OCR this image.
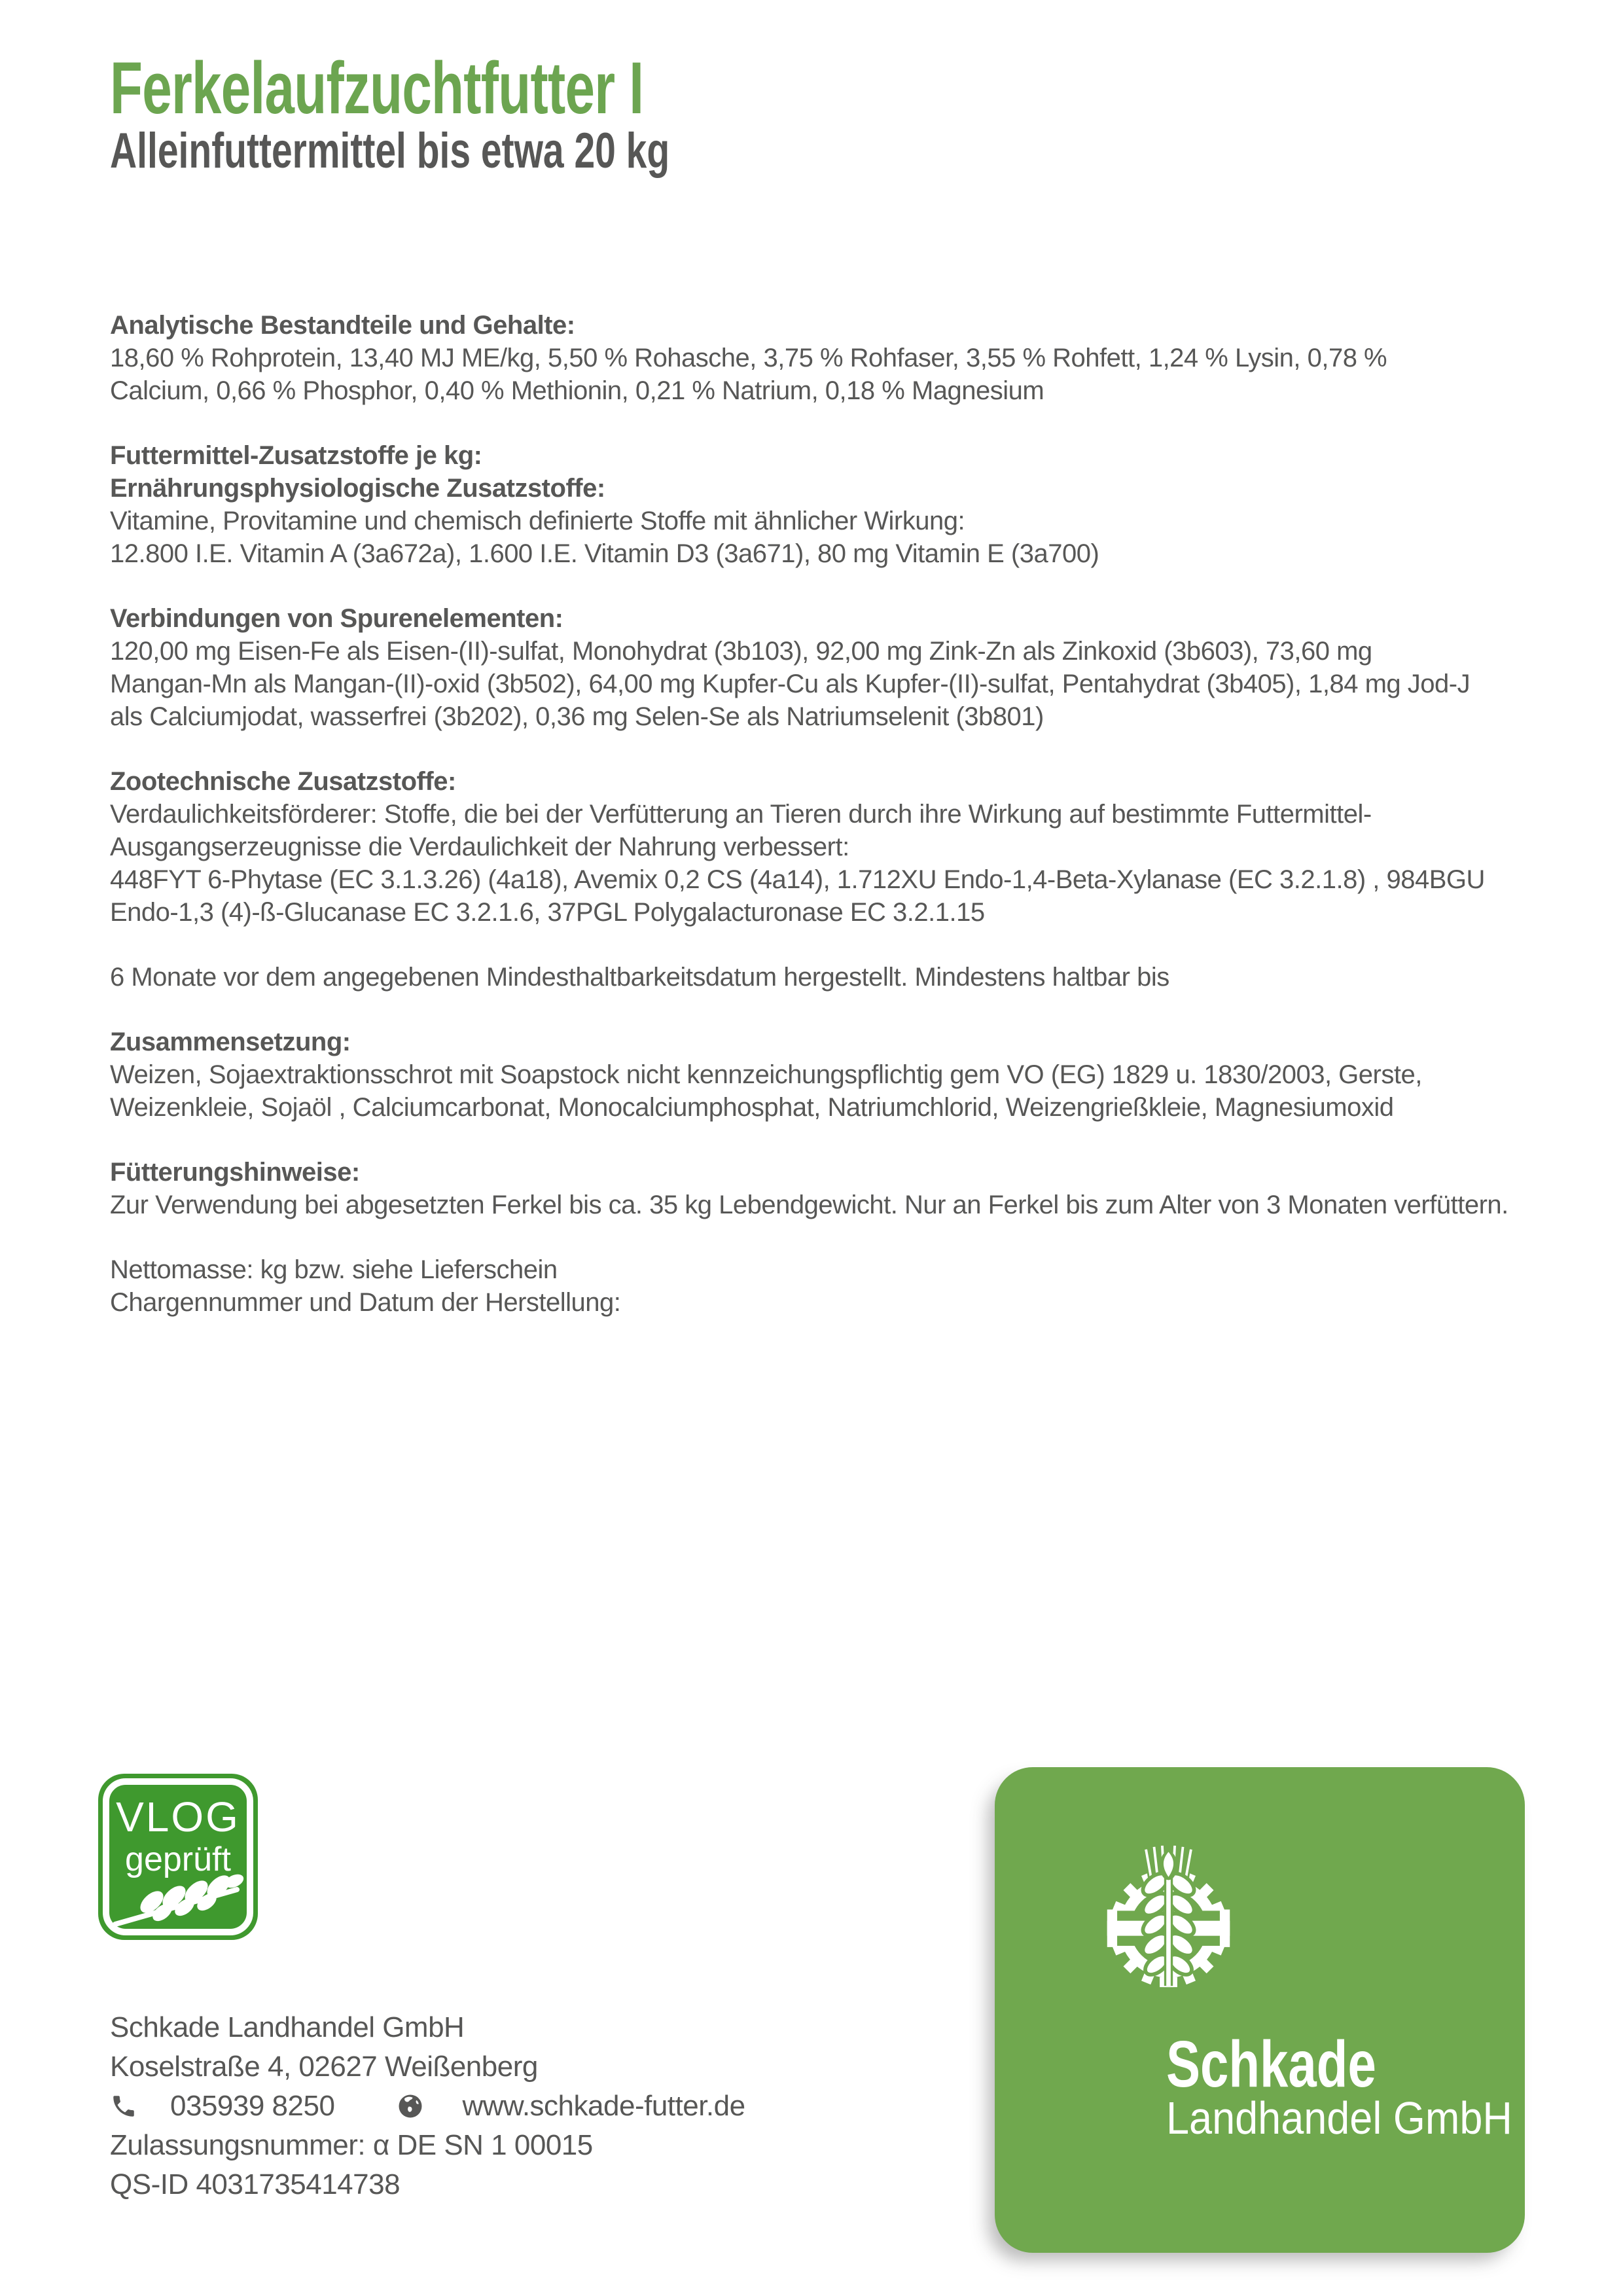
Ferkelaufzuchtfutter I
Alleinfuttermittel bis etwa 20 kg
Analytische Bestandteile und Gehalte:
18,60 % Rohprotein, 13,40 MJ ME/kg, 5,50 % Rohasche, 3,75 % Rohfaser, 3,55 % Rohfett, 1,24 % Lysin, 0,78 %
Calcium, 0,66 % Phosphor, 0,40 % Methionin, 0,21 % Natrium, 0,18 % Magnesium
Futtermittel-Zusatzstoffe je kg:
Ernährungsphysiologische Zusatzstoffe:
Vitamine, Provitamine und chemisch definierte Stoffe mit ähnlicher Wirkung:
12.800 I.E. Vitamin A (3a672a), 1.600 I.E. Vitamin D3 (3a671), 80 mg Vitamin E (3a700)
Verbindungen von Spurenelementen:
120,00 mg Eisen-Fe als Eisen-(II)-sulfat, Monohydrat (3b103), 92,00 mg Zink-Zn als Zinkoxid (3b603), 73,60 mg
Mangan-Mn als Mangan-(II)-oxid (3b502), 64,00 mg Kupfer-Cu als Kupfer-(II)-sulfat, Pentahydrat (3b405), 1,84 mg Jod-J
als Calciumjodat, wasserfrei (3b202), 0,36 mg Selen-Se als Natriumselenit (3b801)
Zootechnische Zusatzstoffe:
Verdaulichkeitsförderer: Stoffe, die bei der Verfütterung an Tieren durch ihre Wirkung auf bestimmte Futtermittel-
Ausgangserzeugnisse die Verdaulichkeit der Nahrung verbessert:
448FYT 6-Phytase (EC 3.1.3.26) (4a18), Avemix 0,2 CS (4a14), 1.712XU Endo-1,4-Beta-Xylanase (EC 3.2.1.8) , 984BGU
Endo-1,3 (4)-ß-Glucanase EC 3.2.1.6, 37PGL Polygalacturonase EC 3.2.1.15
6 Monate vor dem angegebenen Mindesthaltbarkeitsdatum hergestellt. Mindestens haltbar bis
Zusammensetzung:
Weizen, Sojaextraktionsschrot mit Soapstock nicht kennzeichungspflichtig gem VO (EG) 1829 u. 1830/2003, Gerste,
Weizenkleie, Sojaöl , Calciumcarbonat, Monocalciumphosphat, Natriumchlorid, Weizengrießkleie, Magnesiumoxid
Fütterungshinweise:
Zur Verwendung bei abgesetzten Ferkel bis ca. 35 kg Lebendgewicht. Nur an Ferkel bis zum Alter von 3 Monaten verfüttern.
Nettomasse: kg bzw. siehe Lieferschein
Chargennummer und Datum der Herstellung:
VLOG
geprüft
Schkade
Landhandel GmbH
Schkade Landhandel GmbH
Koselstraße 4, 02627 Weißenberg
035939 8250	www.schkade-futter.de
Zulassungsnummer: α DE SN 1 00015
QS-ID 4031735414738
